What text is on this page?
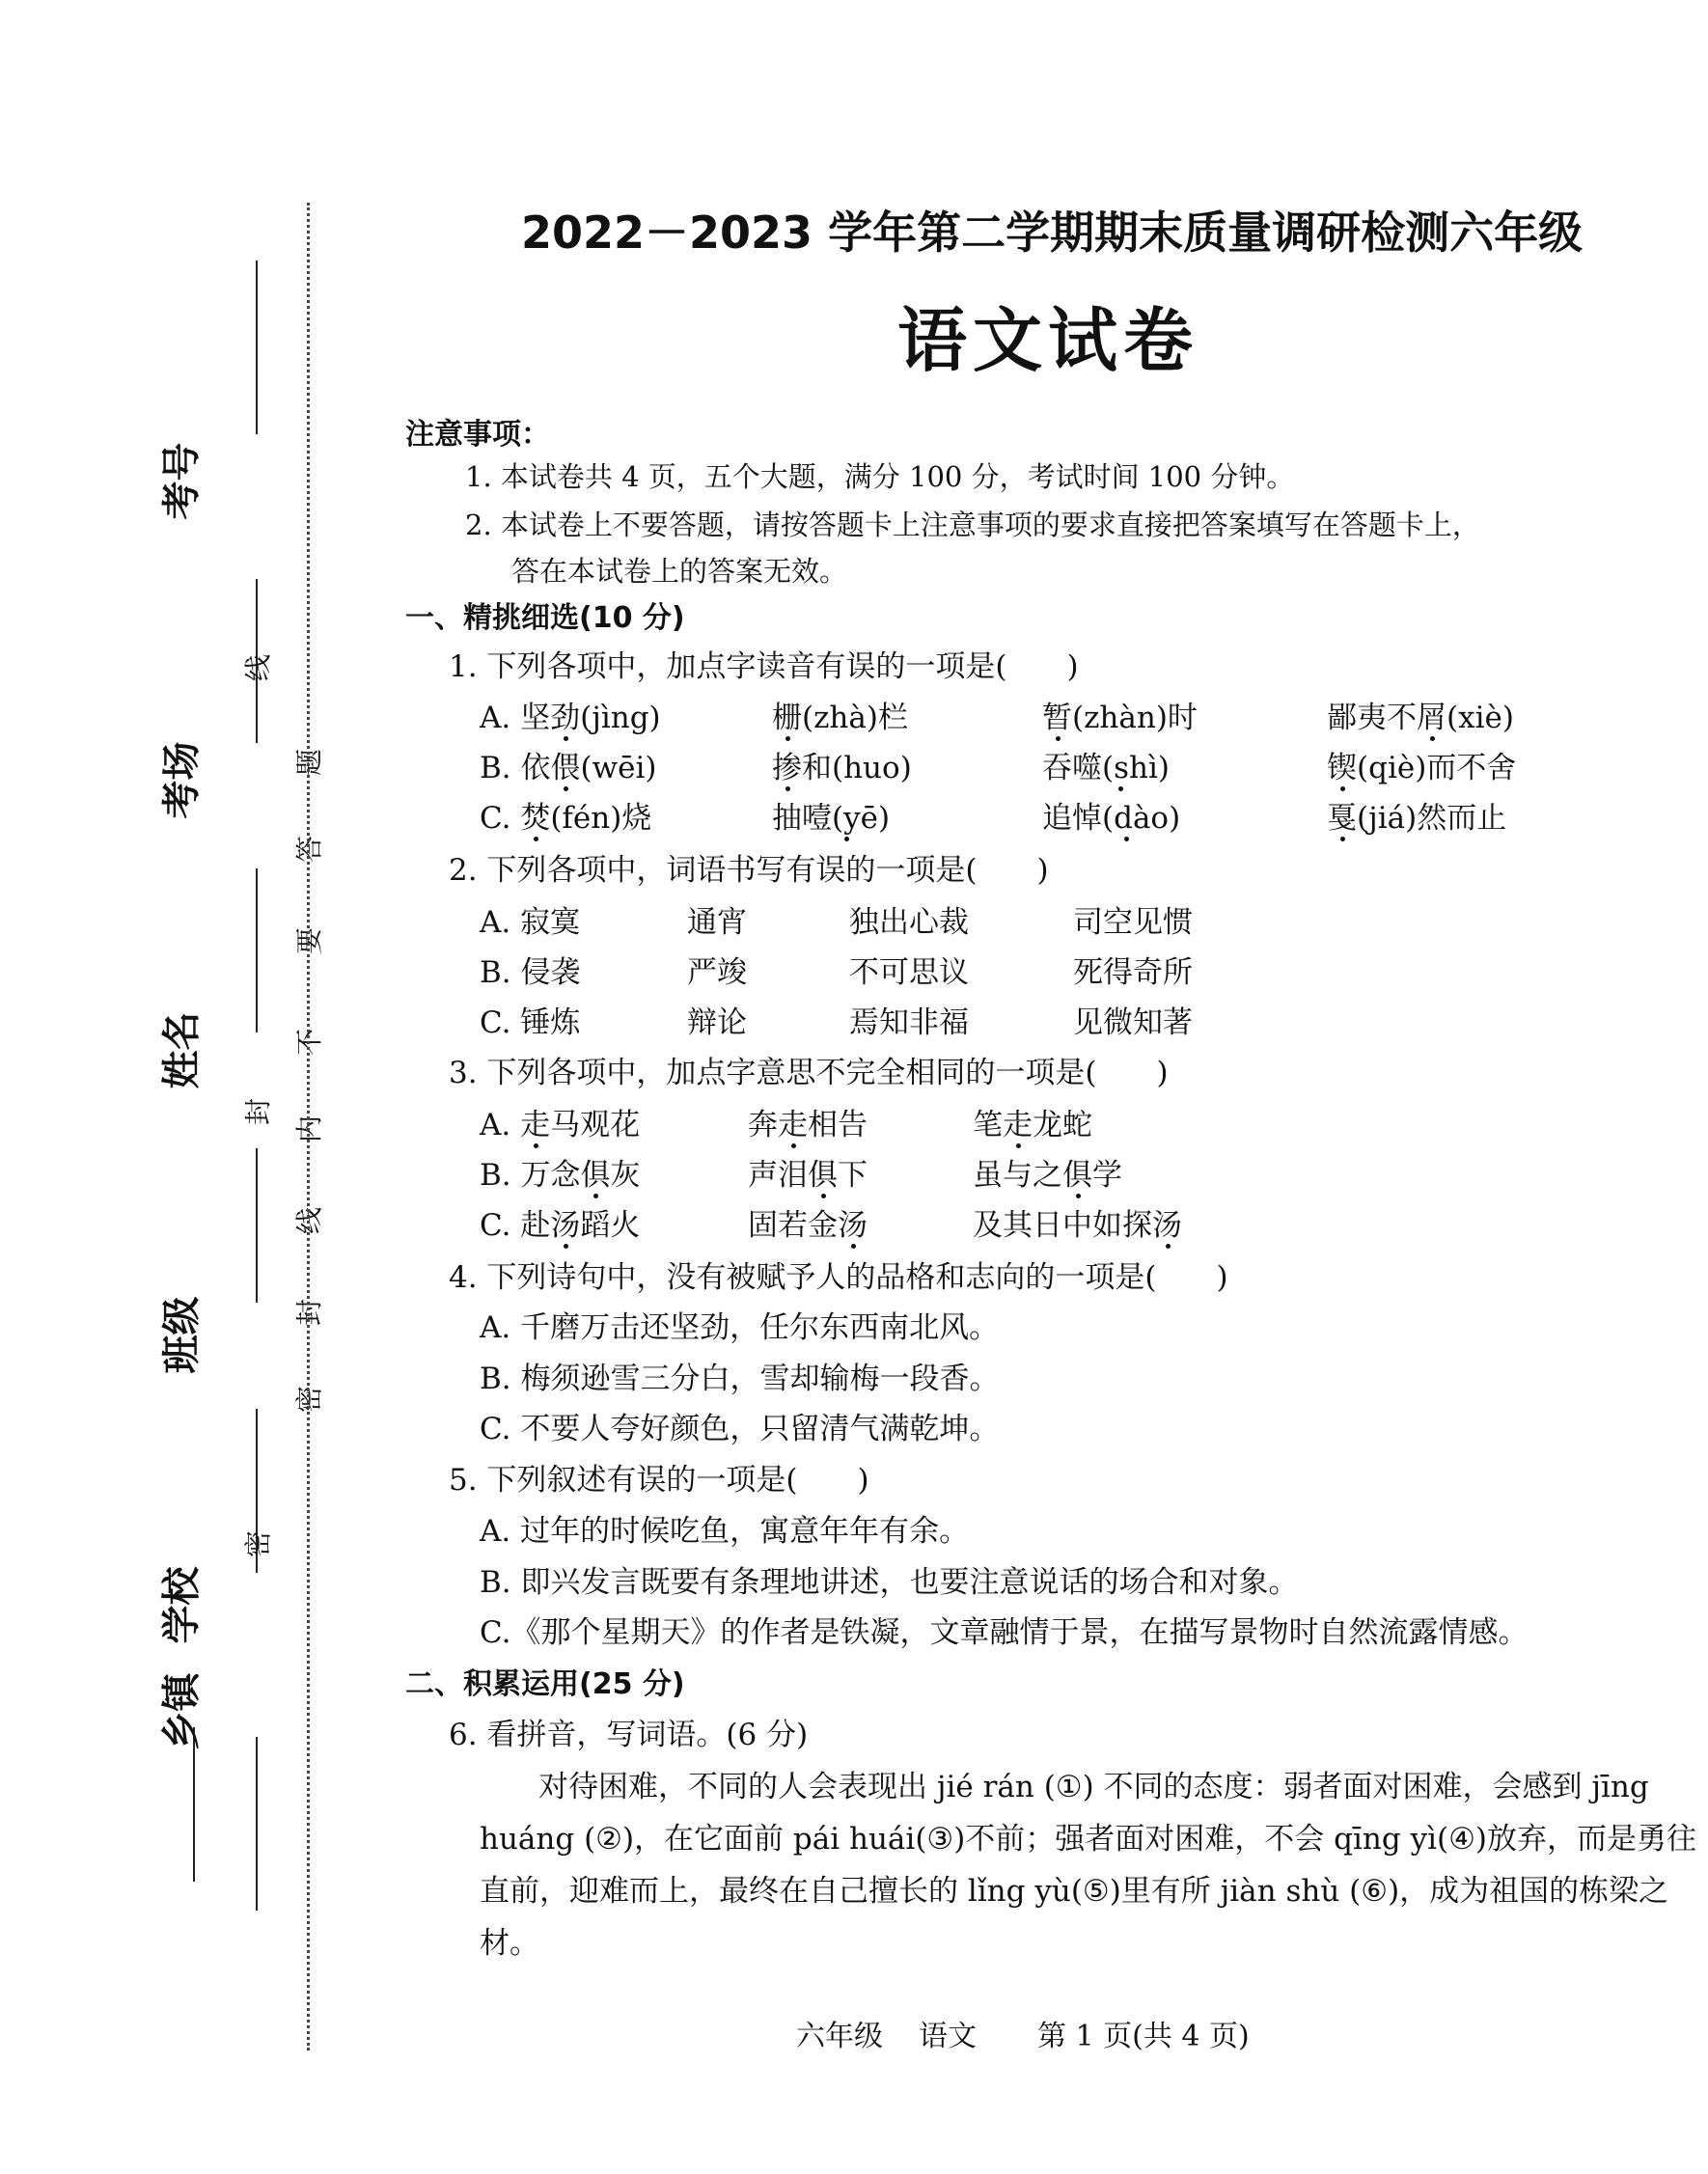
考号
考场
姓名
班级
学校
乡镇
题
答
要
不
内
线
封
密
线
封
密
2022－2023 学年第二学期期末质量调研检测六年级
语文试卷
注意事项：
1. 本试卷共 4 页，五个大题，满分 100 分，考试时间 100 分钟。
2. 本试卷上不要答题，请按答题卡上注意事项的要求直接把答案填写在答题卡上，
答在本试卷上的答案无效。
一、精挑细选(10 分)
1. 下列各项中，加点字读音有误的一项是(　　)
A. 坚劲(jìng)	栅(zhà)栏	暂(zhàn)时	鄙夷不屑(xiè)
B. 依偎(wēi)	掺和(huo)	吞噬(shì)	锲(qiè)而不舍
C. 焚(fén)烧	抽噎(yē)	追悼(dào)	戛(jiá)然而止
2. 下列各项中，词语书写有误的一项是(　　)
A. 寂寞	通宵	独出心裁	司空见惯
B. 侵袭	严竣	不可思议	死得奇所
C. 锤炼	辩论	焉知非福	见微知著
3. 下列各项中，加点字意思不完全相同的一项是(　　)
A. 走马观花	奔走相告	笔走龙蛇
B. 万念俱灰	声泪俱下	虽与之俱学
C. 赴汤蹈火	固若金汤	及其日中如探汤
4. 下列诗句中，没有被赋予人的品格和志向的一项是(　　)
A. 千磨万击还坚劲，任尔东西南北风。
B. 梅须逊雪三分白，雪却输梅一段香。
C. 不要人夸好颜色，只留清气满乾坤。
5. 下列叙述有误的一项是(　　)
A. 过年的时候吃鱼，寓意年年有余。
B. 即兴发言既要有条理地讲述，也要注意说话的场合和对象。
C.《那个星期天》的作者是铁凝，文章融情于景，在描写景物时自然流露情感。
二、积累运用(25 分)
6. 看拼音，写词语。(6 分)
对待困难，不同的人会表现出 jié rán (①) 不同的态度：弱者面对困难，会感到 jīng
huáng (②)，在它面前 pái huái(③)不前；强者面对困难，不会 qīng yì(④)放弃，而是勇往
直前，迎难而上，最终在自己擅长的 lǐng yù(⑤)里有所 jiàn shù (⑥)，成为祖国的栋梁之
材。
六年级 语文 第 1 页(共 4 页)
